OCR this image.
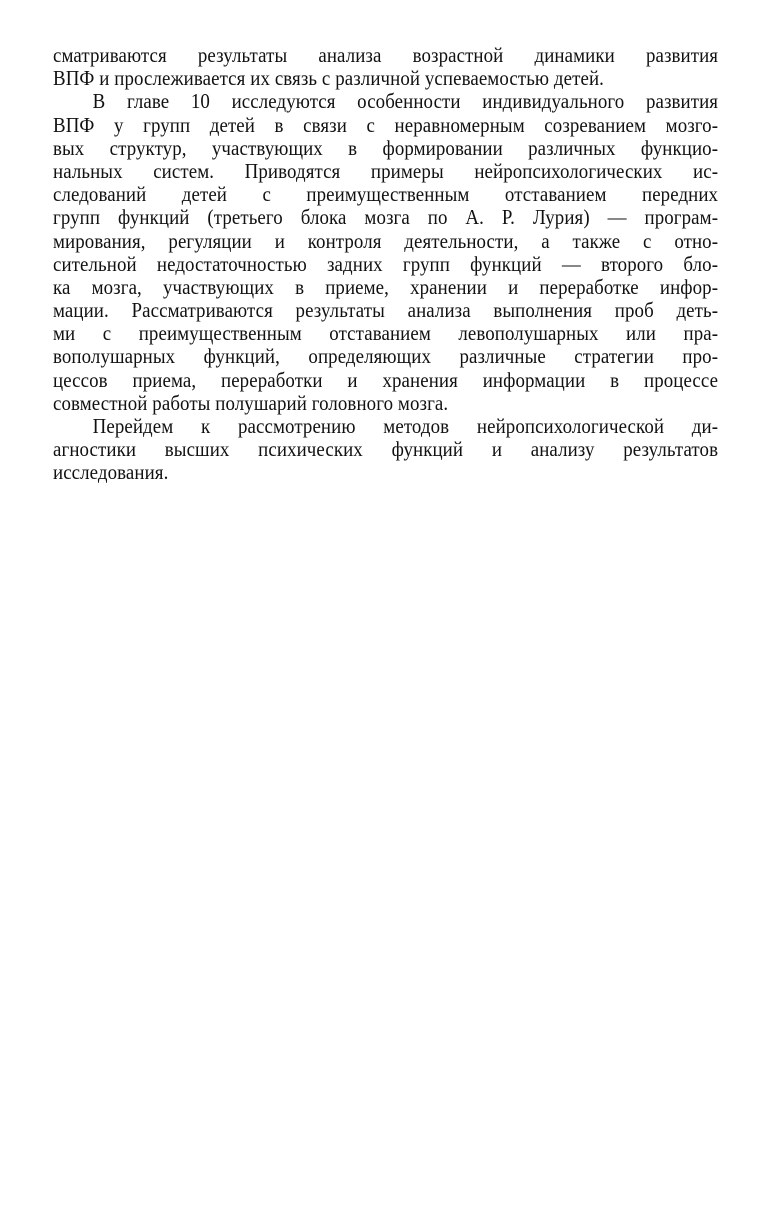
сматриваются результаты анализа возрастной динамики развития
ВПФ и прослеживается их связь с различной успеваемостью детей.
В главе 10 исследуются особенности индивидуального развития
ВПФ у групп детей в связи с неравномерным созреванием мозго-
вых структур, участвующих в формировании различных функцио-
нальных систем. Приводятся примеры нейропсихологических ис-
следований детей с преимущественным отставанием передних
групп функций (третьего блока мозга по А. Р. Лурия) — програм-
мирования, регуляции и контроля деятельности, а также с отно-
сительной недостаточностью задних групп функций — второго бло-
ка мозга, участвующих в приеме, хранении и переработке инфор-
мации. Рассматриваются результаты анализа выполнения проб деть-
ми с преимущественным отставанием левополушарных или пра-
вополушарных функций, определяющих различные стратегии про-
цессов приема, переработки и хранения информации в процессе
совместной работы полушарий головного мозга.
Перейдем к рассмотрению методов нейропсихологической ди-
агностики высших психических функций и анализу результатов
исследования.
